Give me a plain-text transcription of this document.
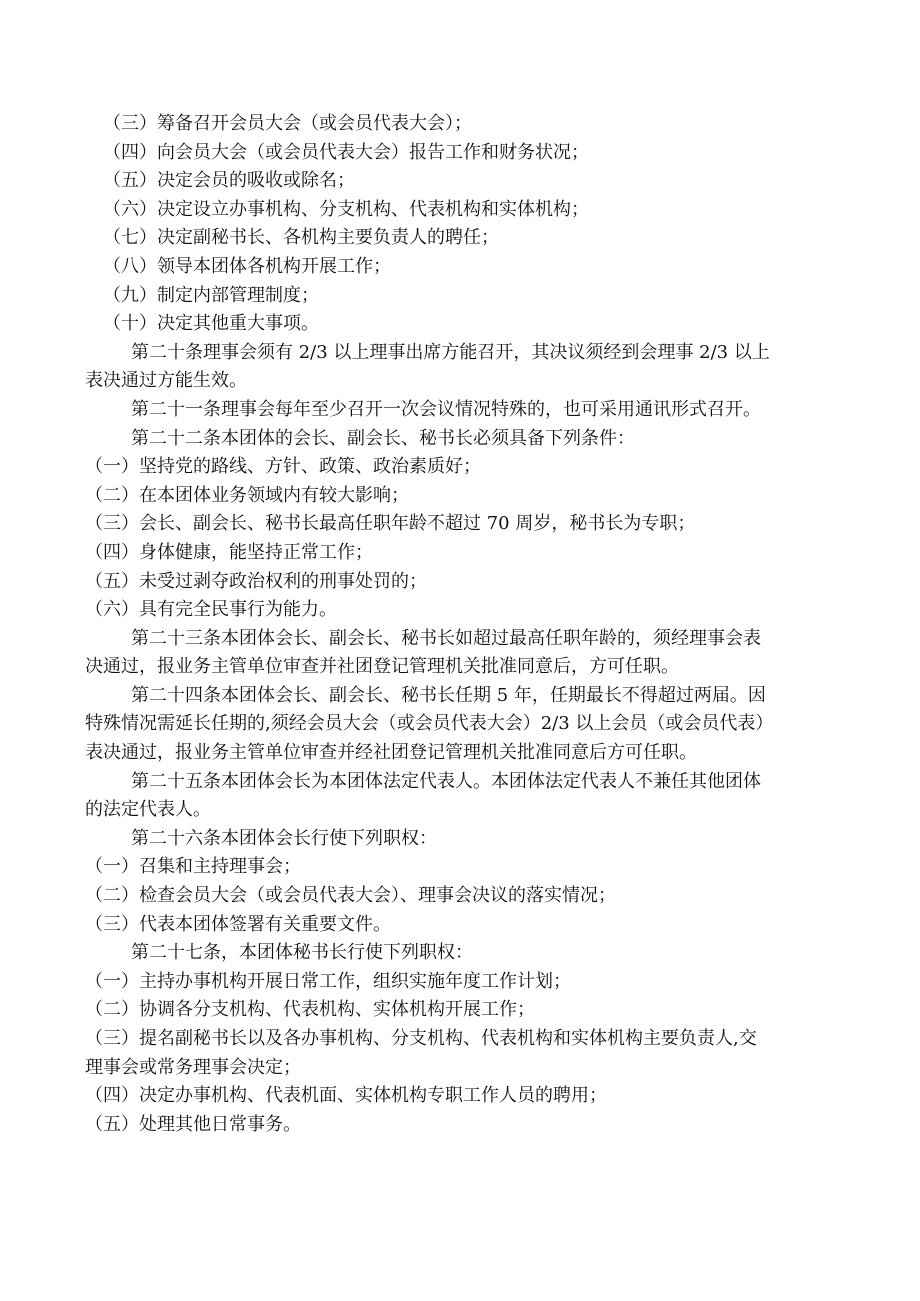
（三）筹备召开会员大会（或会员代表大会）；

（四）向会员大会（或会员代表大会）报告工作和财务状况；

（五）决定会员的吸收或除名；

（六）决定设立办事机构、分支机构、代表机构和实体机构；

（七）决定副秘书长、各机构主要负责人的聘任；

（八）领导本团体各机构开展工作；

（九）制定内部管理制度；

（十）决定其他重大事项。

第二十条理事会须有 2/3 以上理事出席方能召开，其决议须经到会理事 2/3 以上

表决通过方能生效。

第二十一条理事会每年至少召开一次会议情况特殊的，也可采用通讯形式召开。

第二十二条本团体的会长、副会长、秘书长必须具备下列条件：

（一）坚持党的路线、方针、政策、政治素质好；

（二）在本团体业务领域内有较大影响；

（三）会长、副会长、秘书长最高任职年龄不超过 70 周岁，秘书长为专职；

（四）身体健康，能坚持正常工作；

（五）未受过剥夺政治权利的刑事处罚的；

（六）具有完全民事行为能力。

第二十三条本团体会长、副会长、秘书长如超过最高任职年龄的，须经理事会表

决通过，报业务主管单位审查并社团登记管理机关批准同意后，方可任职。

第二十四条本团体会长、副会长、秘书长任期 5 年，任期最长不得超过两届。因

特殊情况需延长任期的,须经会员大会（或会员代表大会）2/3 以上会员（或会员代表）

表决通过，报业务主管单位审查并经社团登记管理机关批准同意后方可任职。

第二十五条本团体会长为本团体法定代表人。本团体法定代表人不兼任其他团体

的法定代表人。

第二十六条本团体会长行使下列职权：

（一）召集和主持理事会；

（二）检查会员大会（或会员代表大会）、理事会决议的落实情况；

（三）代表本团体签署有关重要文件。

第二十七条，本团体秘书长行使下列职权：

（一）主持办事机构开展日常工作，组织实施年度工作计划；

（二）协调各分支机构、代表机构、实体机构开展工作；

（三）提名副秘书长以及各办事机构、分支机构、代表机构和实体机构主要负责人,交

理事会或常务理事会决定；

（四）决定办事机构、代表机面、实体机构专职工作人员的聘用；

（五）处理其他日常事务。
